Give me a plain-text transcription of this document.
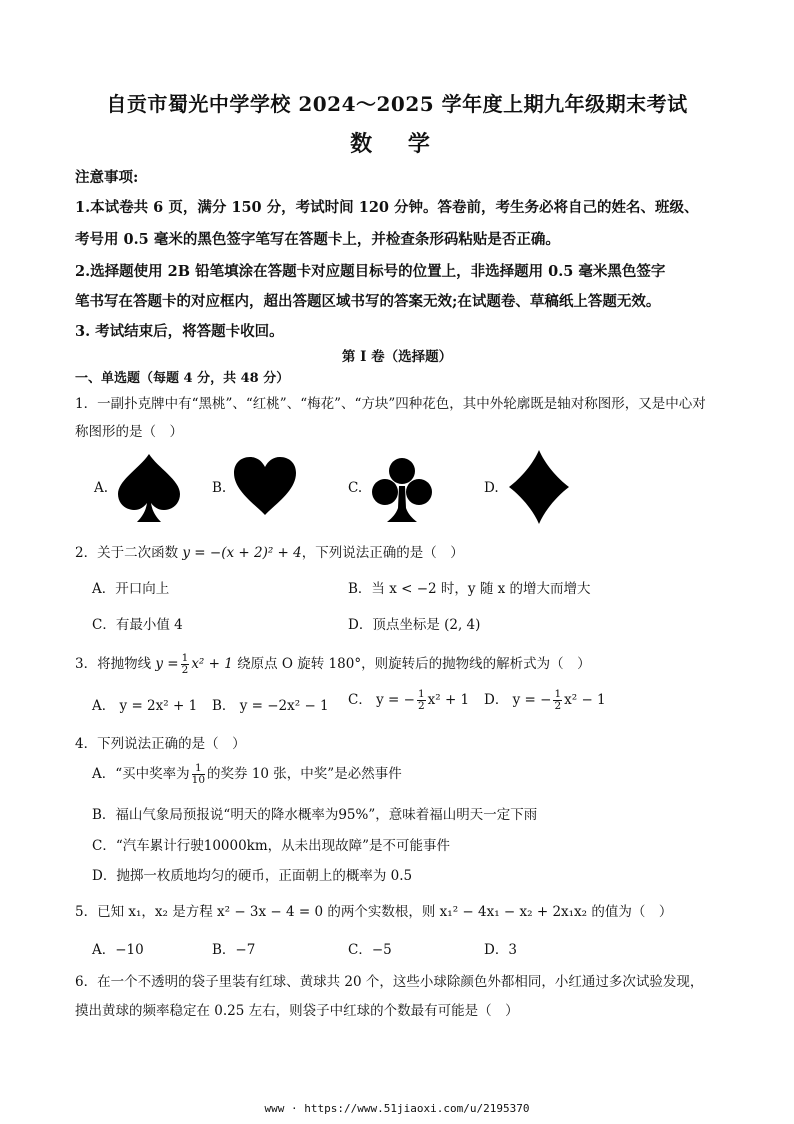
自贡市蜀光中学学校 2024～2025 学年度上期九年级期末考试
数 学
注意事项:
1.本试卷共 6 页，满分 150 分，考试时间 120 分钟。答卷前，考生务必将自己的姓名、班级、
考号用 0.5 毫米的黑色签字笔写在答题卡上，并检查条形码粘贴是否正确。
2.选择题使用 2B 铅笔填涂在答题卡对应题目标号的位置上，非选择题用 0.5 毫米黑色签字
笔书写在答题卡的对应框内，超出答题区域书写的答案无效;在试题卷、草稿纸上答题无效。
3. 考试结束后，将答题卡收回。
第 I 卷（选择题）
一、单选题（每题 4 分，共 48 分）
1．一副扑克牌中有“黑桃”、“红桃”、“梅花”、“方块”四种花色，其中外轮廓既是轴对称图形，又是中心对
称图形的是（　）
A.	B.	C.	D.
2．关于二次函数 y = −(x + 2)² + 4，下列说法正确的是（　）
A．开口向上	B．当 x < −2 时，y 随 x 的增大而增大
C．有最小值 4	D．顶点坐标是 (2, 4)
3．将抛物线 $y = \frac{1}{2} x^2 + 1$ 绕原点 O 旋转 180°，则旋转后的抛物线的解析式为（　）
A． y = 2x² + 1 B． y = −2x² − 1 C． y = − $\frac{1}{2} x^2 + 1$ D． y = − $\frac{1}{2} x^2 - 1$
4．下列说法正确的是（　）
A．“买中奖率为 $\frac{1}{10}$ 的奖券 10 张，中奖”是必然事件
B．福山气象局预报说“明天的降水概率为95%”，意味着福山明天一定下雨
C．“汽车累计行驶10000km，从未出现故障”是不可能事件
D．抛掷一枚质地均匀的硬币，正面朝上的概率为 0.5
5．已知 x₁，x₂ 是方程 x² − 3x − 4 = 0 的两个实数根，则 x₁² − 4x₁ − x₂ + 2x₁x₂ 的值为（　）
A．−10	B．−7	C．−5	D．3
6．在一个不透明的袋子里装有红球、黄球共 20 个，这些小球除颜色外都相同，小红通过多次试验发现，
摸出黄球的频率稳定在 0.25 左右，则袋子中红球的个数最有可能是（　）
www · https://www.51jiaoxi.com/u/2195370
